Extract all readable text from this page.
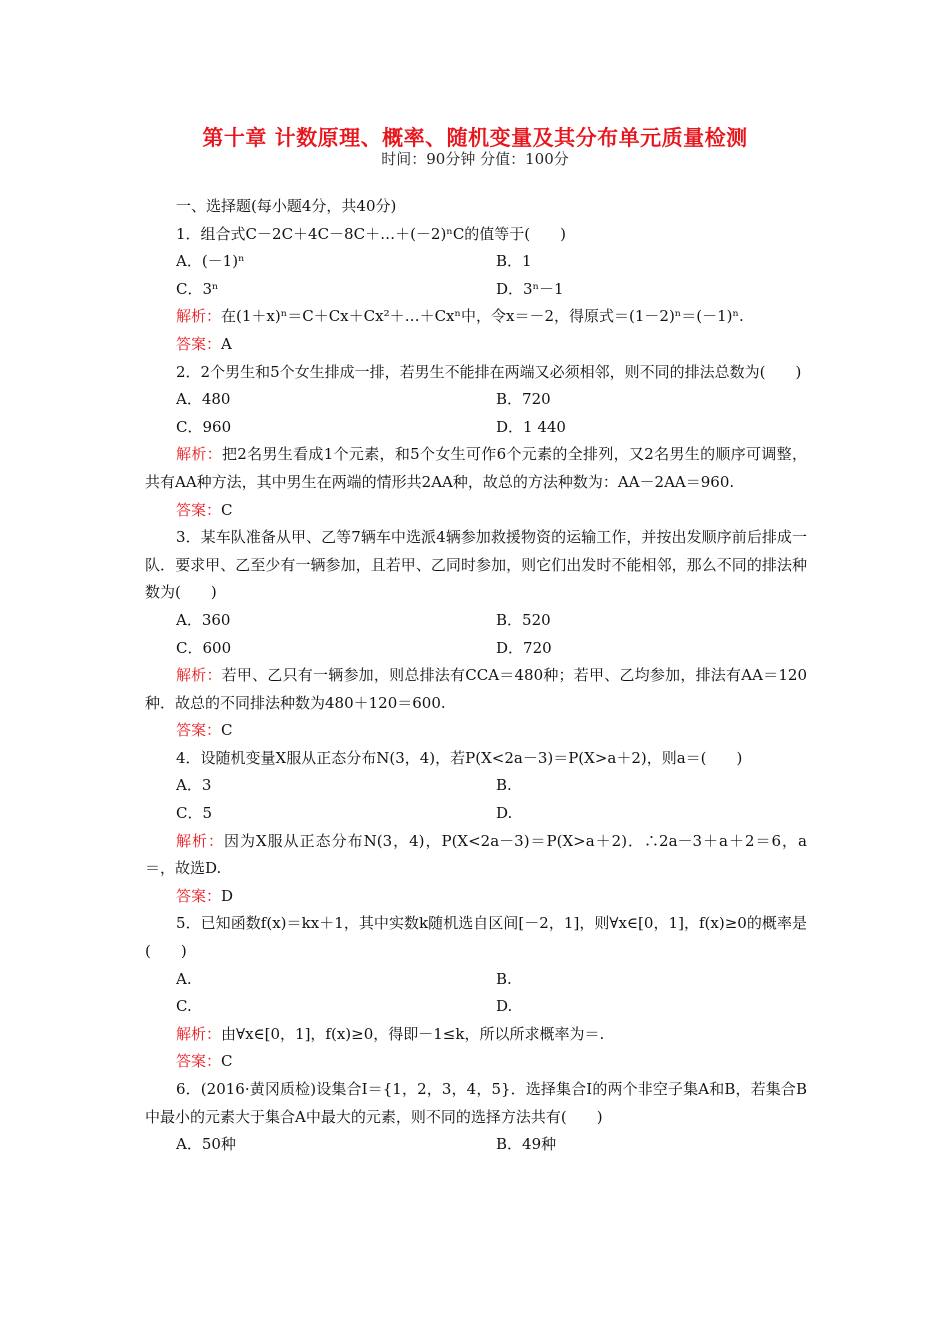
第十章 计数原理、概率、随机变量及其分布单元质量检测
时间：90分钟 分值：100分
一、选择题(每小题4分，共40分)
1．组合式C－2C＋4C－8C＋…＋(－2)ⁿC的值等于(　　)
A．(－1)ⁿ	B．1
C．3ⁿ	D．3ⁿ－1
解析：在(1＋x)ⁿ＝C＋Cx＋Cx²＋…＋Cxⁿ中，令x＝－2，得原式＝(1－2)ⁿ＝(－1)ⁿ.
答案：A
2．2个男生和5个女生排成一排，若男生不能排在两端又必须相邻，则不同的排法总数为(　　)
A．480	B．720
C．960	D．1 440
解析：把2名男生看成1个元素，和5个女生可作6个元素的全排列，又2名男生的顺序可调整，共有AA种方法，其中男生在两端的情形共2AA种，故总的方法种数为：AA－2AA＝960.
答案：C
3．某车队准备从甲、乙等7辆车中选派4辆参加救援物资的运输工作，并按出发顺序前后排成一队．要求甲、乙至少有一辆参加，且若甲、乙同时参加，则它们出发时不能相邻，那么不同的排法种数为(　　)
A．360	B．520
C．600	D．720
解析：若甲、乙只有一辆参加，则总排法有CCA＝480种；若甲、乙均参加，排法有AA＝120种．故总的不同排法种数为480＋120＝600.
答案：C
4．设随机变量X服从正态分布N(3，4)，若P(X<2a－3)＝P(X>a＋2)，则a＝(　　)
A．3	B.
C．5	D.
解析：因为X服从正态分布N(3，4)，P(X<2a－3)＝P(X>a＋2)．∴2a－3＋a＋2＝6，a＝，故选D.
答案：D
5．已知函数f(x)＝kx＋1，其中实数k随机选自区间[－2，1]，则∀x∈[0，1]，f(x)≥0的概率是(　　)
A.	B.
C.	D.
解析：由∀x∈[0，1]，f(x)≥0，得即－1≤k，所以所求概率为＝.
答案：C
6．(2016·黄冈质检)设集合I＝{1，2，3，4，5}．选择集合I的两个非空子集A和B，若集合B中最小的元素大于集合A中最大的元素，则不同的选择方法共有(　　)
A．50种	B．49种
